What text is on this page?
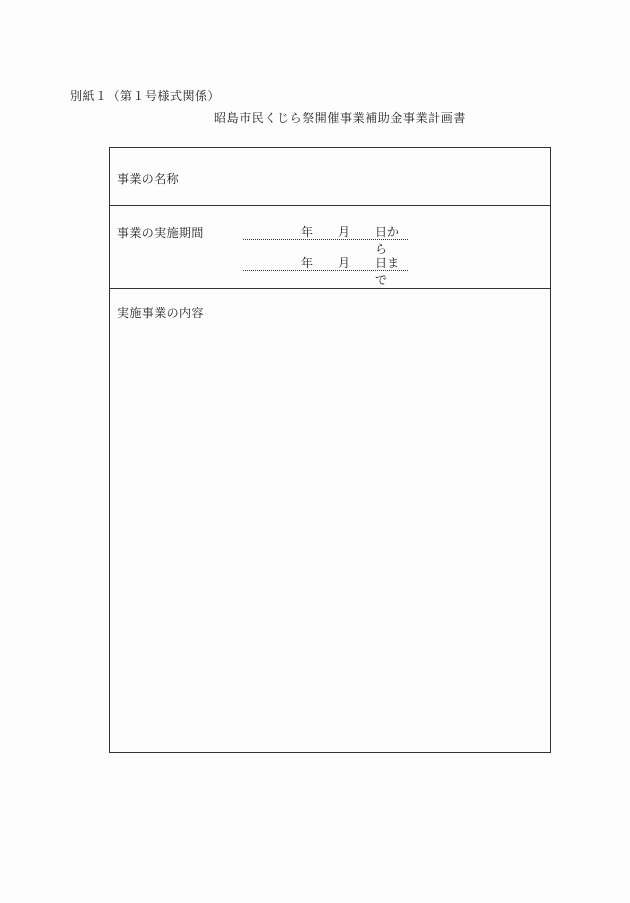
別紙１（第１号様式関係）
昭島市民くじら祭開催事業補助金事業計画書
事業の名称
事業の実施期間	年 月 日から
年 月 日まで
実施事業の内容
